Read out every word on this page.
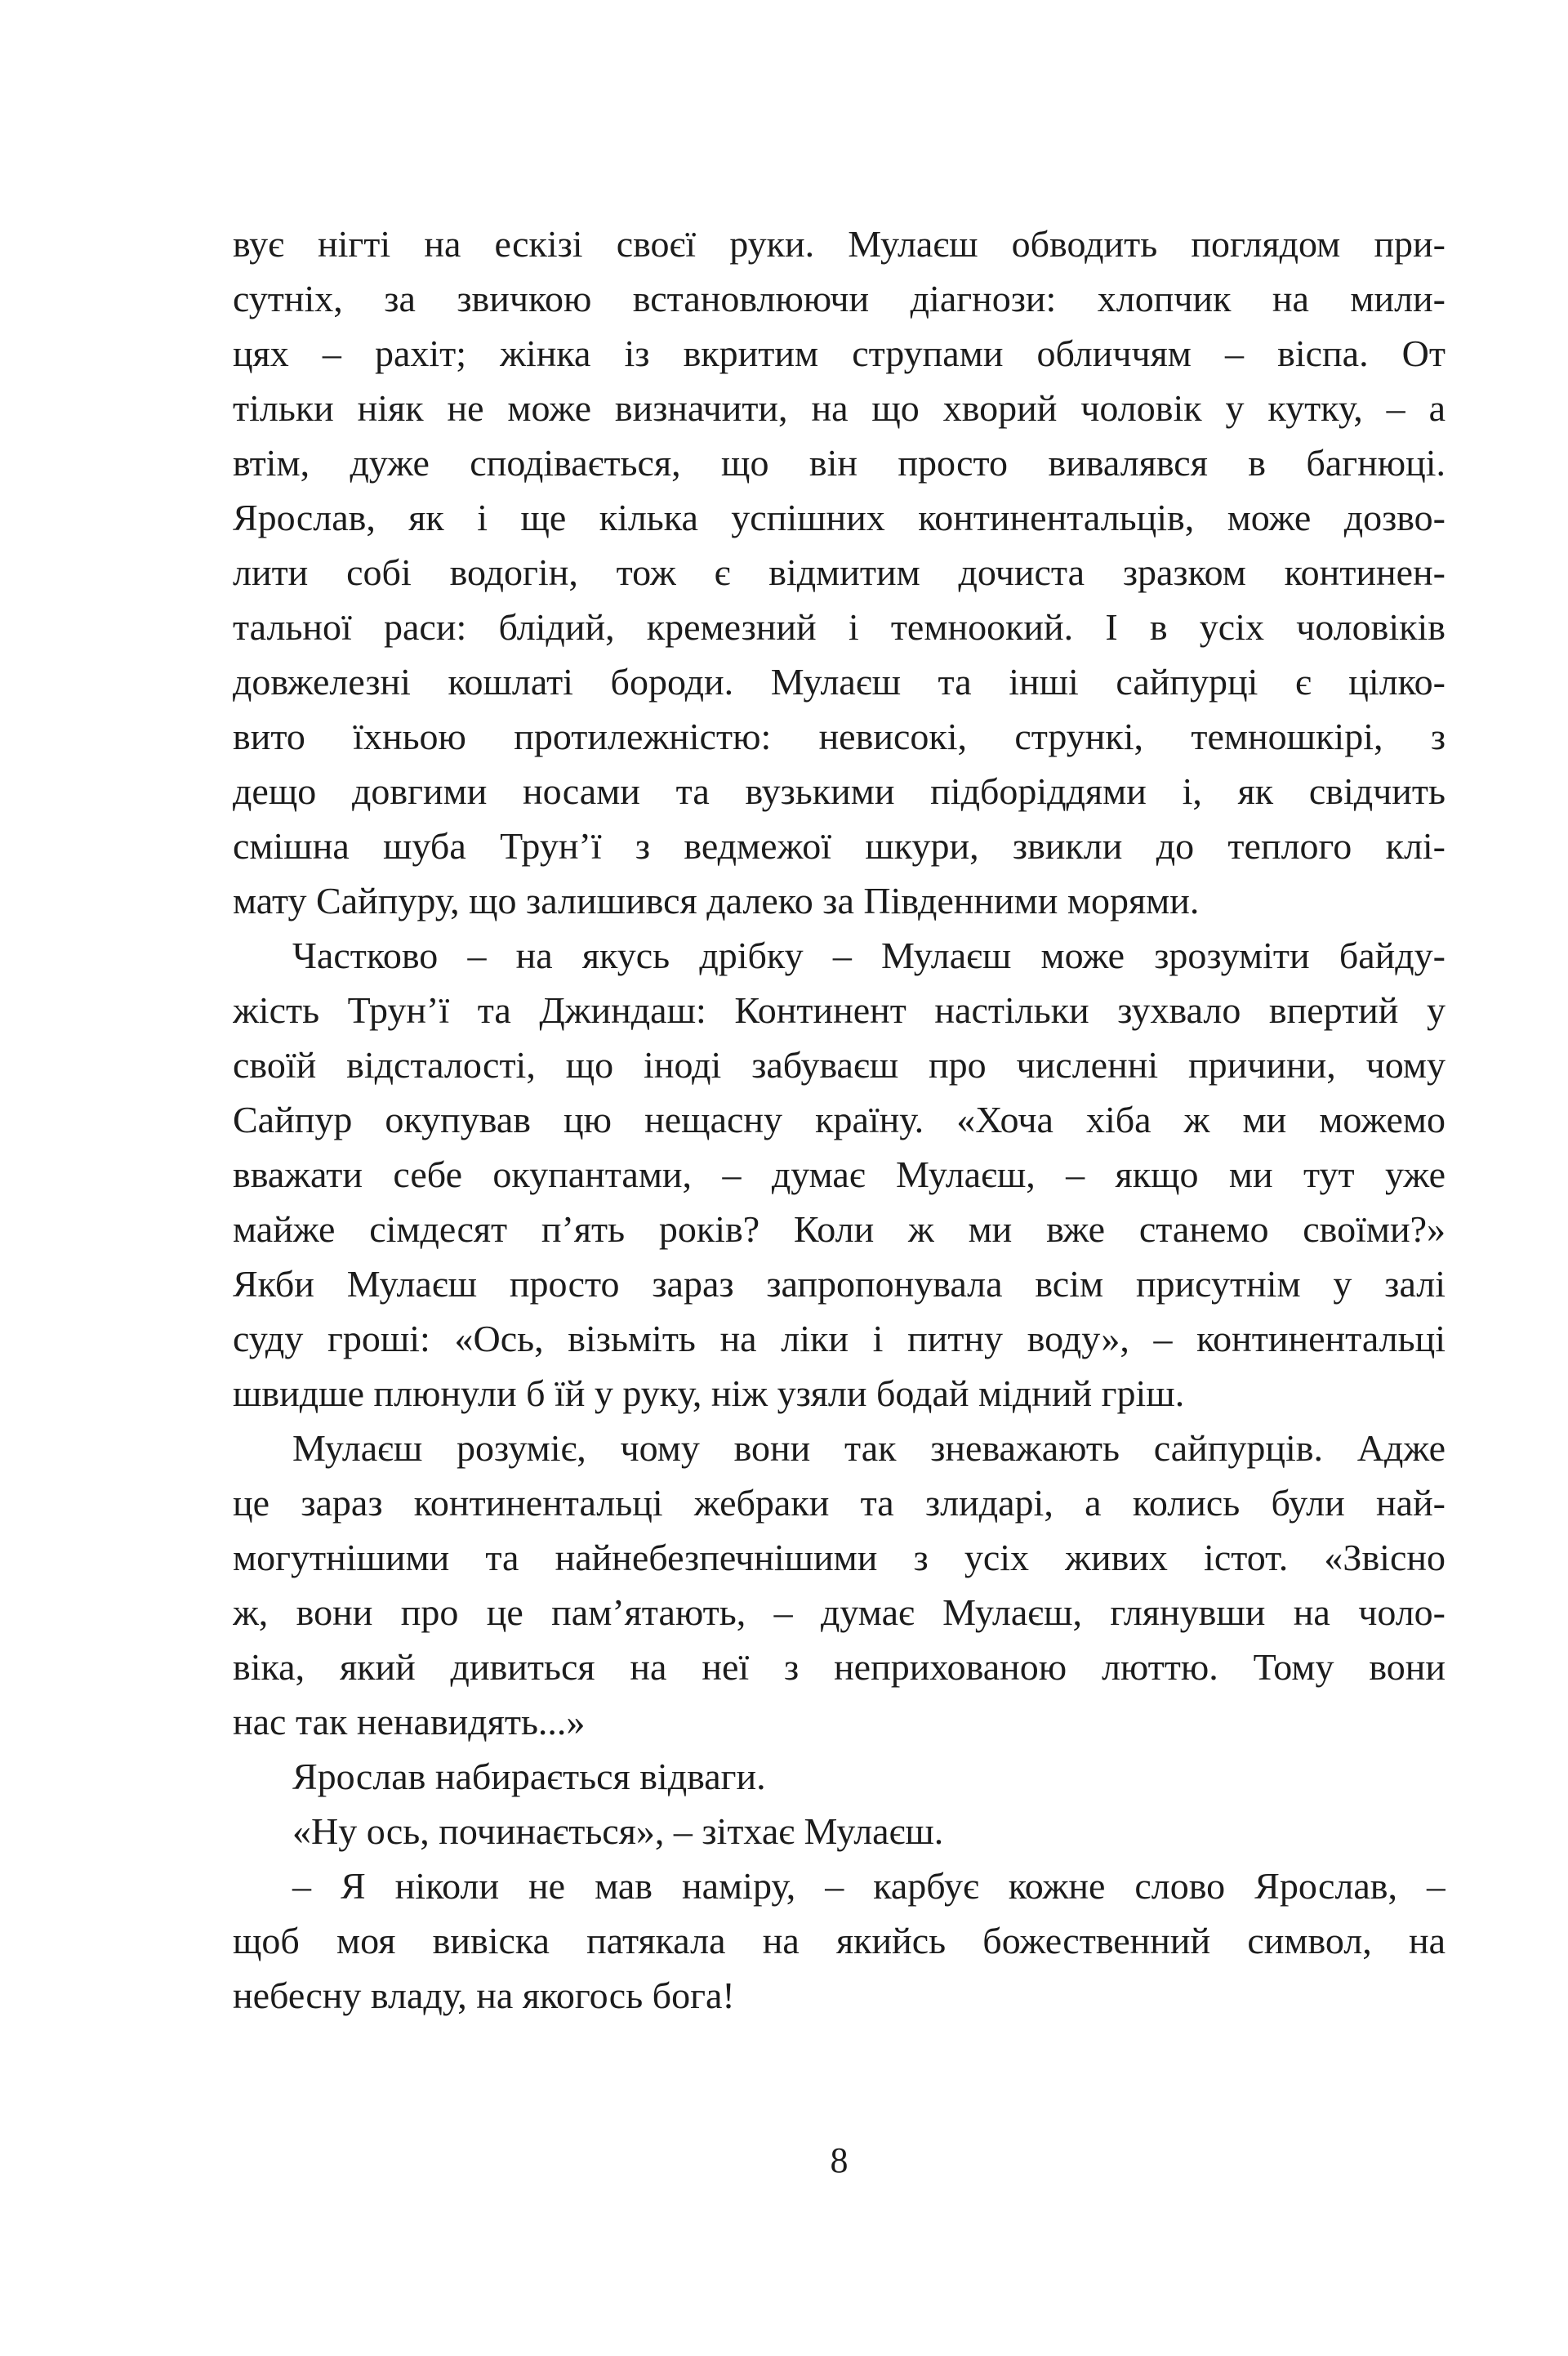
вує нігті на ескізі своєї руки. Мулаєш обводить поглядом при-
сутніх, за звичкою встановлюючи діагнози: хлопчик на мили-
цях – рахіт; жінка із вкритим струпами обличчям – віспа. От
тільки ніяк не може визначити, на що хворий чоловік у кутку, – а
втім, дуже сподівається, що він просто вивалявся в багнюці.
Ярослав, як і ще кілька успішних континентальців, може дозво-
лити собі водогін, тож є відмитим дочиста зразком континен-
тальної раси: блідий, кремезний і темноокий. І в усіх чоловіків
довжелезні кошлаті бороди. Мулаєш та інші сайпурці є цілко-
вито їхньою протилежністю: невисокі, стрункі, темношкірі, з
дещо довгими носами та вузькими підборіддями і, як свідчить
смішна шуба Трун’ї з ведмежої шкури, звикли до теплого клі-
мату Сайпуру, що залишився далеко за Південними морями.
Частково – на якусь дрібку – Мулаєш може зрозуміти байду-
жість Трун’ї та Джиндаш: Континент настільки зухвало впертий у
своїй відсталості, що іноді забуваєш про численні причини, чому
Сайпур окупував цю нещасну країну. «Хоча хіба ж ми можемо
вважати себе окупантами, – думає Мулаєш, – якщо ми тут уже
майже сімдесят п’ять років? Коли ж ми вже станемо своїми?»
Якби Мулаєш просто зараз запропонувала всім присутнім у залі
суду гроші: «Ось, візьміть на ліки і питну воду», – континентальці
швидше плюнули б їй у руку, ніж узяли бодай мідний гріш.
Мулаєш розуміє, чому вони так зневажають сайпурців. Адже
це зараз континентальці жебраки та злидарі, а колись були най-
могутнішими та найнебезпечнішими з усіх живих істот. «Звісно
ж, вони про це пам’ятають, – думає Мулаєш, глянувши на чоло-
віка, який дивиться на неї з неприхованою люттю. Тому вони
нас так ненавидять...»
Ярослав набирається відваги.
«Ну ось, починається», – зітхає Мулаєш.
– Я ніколи не мав наміру, – карбує кожне слово Ярослав, –
щоб моя вивіска патякала на якийсь божественний символ, на
небесну владу, на якогось бога!
8
